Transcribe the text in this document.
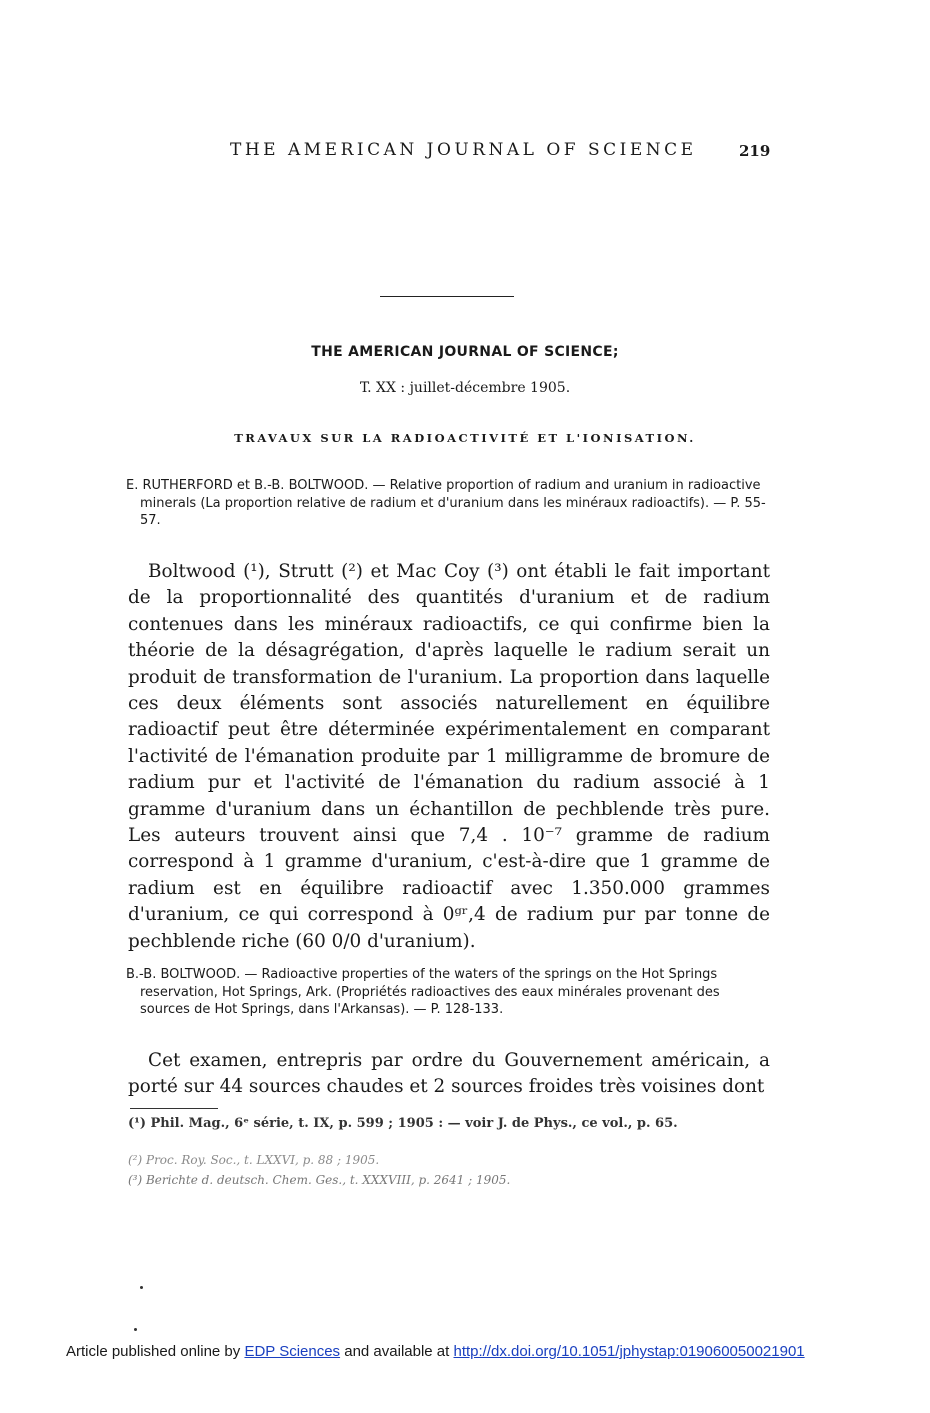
THE AMERICAN JOURNAL OF SCIENCE	219
THE AMERICAN JOURNAL OF SCIENCE;
T. XX : juillet-décembre 1905.
TRAVAUX SUR LA RADIOACTIVITÉ ET L'IONISATION.
E. RUTHERFORD et B.-B. BOLTWOOD. — Relative proportion of radium and uranium in radioactive minerals (La proportion relative de radium et d'uranium dans les minéraux radioactifs). — P. 55-57.

Boltwood (¹), Strutt (²) et Mac Coy (³) ont établi le fait important de la proportionnalité des quantités d'uranium et de radium contenues dans les minéraux radioactifs, ce qui confirme bien la théorie de la désagrégation, d'après laquelle le radium serait un produit de transformation de l'uranium. La proportion dans laquelle ces deux éléments sont associés naturellement en équilibre radioactif peut être déterminée expérimentalement en comparant l'activité de l'émanation produite par 1 milligramme de bromure de radium pur et l'activité de l'émanation du radium associé à 1 gramme d'uranium dans un échantillon de pechblende très pure. Les auteurs trouvent ainsi que 7,4 . 10⁻⁷ gramme de radium correspond à 1 gramme d'uranium, c'est-à-dire que 1 gramme de radium est en équilibre radioactif avec 1.350.000 grammes d'uranium, ce qui correspond à 0ᵍʳ,4 de radium pur par tonne de pechblende riche (60 0/0 d'uranium).

B.-B. BOLTWOOD. — Radioactive properties of the waters of the springs on the Hot Springs reservation, Hot Springs, Ark. (Propriétés radioactives des eaux minérales provenant des sources de Hot Springs, dans l'Arkansas). — P. 128-133.

Cet examen, entrepris par ordre du Gouvernement américain, a porté sur 44 sources chaudes et 2 sources froides très voisines dont

(¹) Phil. Mag., 6ᵉ série, t. IX, p. 599 ; 1905 : — voir J. de Phys., ce vol., p. 65.
(²) Proc. Roy. Soc., t. LXXVI, p. 88 ; 1905.
(³) Berichte d. deutsch. Chem. Ges., t. XXXVIII, p. 2641 ; 1905.
Article published online by EDP Sciences and available at http://dx.doi.org/10.1051/jphystap:019060050021901
